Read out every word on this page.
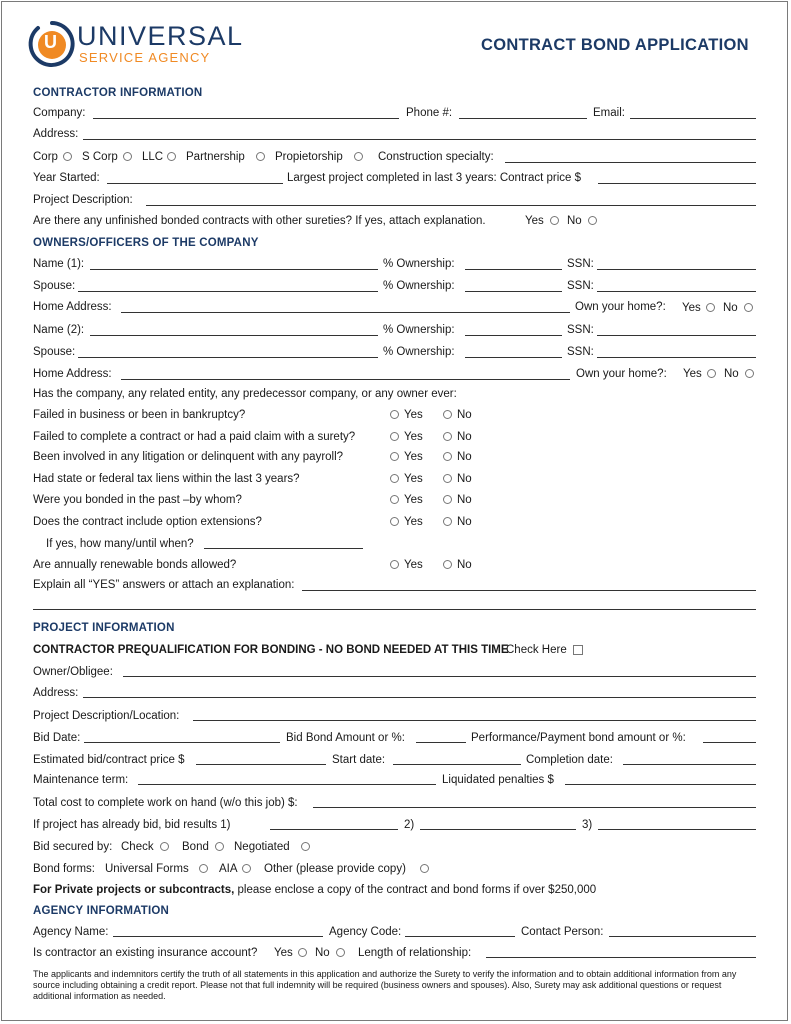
U UNIVERSAL
SERVICE AGENCY
CONTRACT BOND APPLICATION
CONTRACTOR INFORMATION
Company:	Phone #:	Email:
Address:
Corp S Corp LLC Partnership	Propietorship	Construction specialty:
Year Started:	Largest project completed in last 3 years: Contract price $
Project Description:
Are there any unfinished bonded contracts with other sureties? If yes, attach explanation.	Yes No
OWNERS/OFFICERS OF THE COMPANY
Name (1):	% Ownership:	SSN:
Spouse:	% Ownership:	SSN:
Home Address:	Own your home?: Yes No
Name (2):	% Ownership:	SSN:
Spouse:	% Ownership:	SSN:
Home Address:	Own your home?: Yes No
Has the company, any related entity, any predecessor company, or any owner ever:
Failed in business or been in bankruptcy?	Yes	No
Failed to complete a contract or had a paid claim with a surety?	Yes	No
Been involved in any litigation or delinquent with any payroll?	Yes	No
Had state or federal tax liens within the last 3 years?	Yes	No
Were you bonded in the past –by whom?	Yes	No
Does the contract include option extensions?	Yes	No
If yes, how many/until when?
Are annually renewable bonds allowed?	Yes	No
Explain all “YES” answers or attach an explanation:
PROJECT INFORMATION
CONTRACTOR PREQUALIFICATION FOR BONDING - NO BOND NEEDED AT THIS TIME
Check Here
Owner/Obligee:
Address:
Project Description/Location:
Bid Date:	Bid Bond Amount or %:	Performance/Payment bond amount or %:
Estimated bid/contract price $	Start date:	Completion date:
Maintenance term:	Liquidated penalties $
Total cost to complete work on hand (w/o this job) $:
If project has already bid, bid results 1)	2)	3)
Bid secured by: Check Bond Negotiated
Bond forms: Universal Forms	AIA Other (please provide copy)
For Private projects or subcontracts, please enclose a copy of the contract and bond forms if over $250,000
AGENCY INFORMATION
Agency Name:	Agency Code:	Contact Person:
Is contractor an existing insurance account? Yes No Length of relationship:
The applicants and indemnitors certify the truth of all statements in this application and authorize the Surety to verify the information and to obtain additional information from any source including obtaining a credit report. Please not that full indemnity will be required (business owners and spouses). Also, Surety may ask additional questions or request additional information as needed.
